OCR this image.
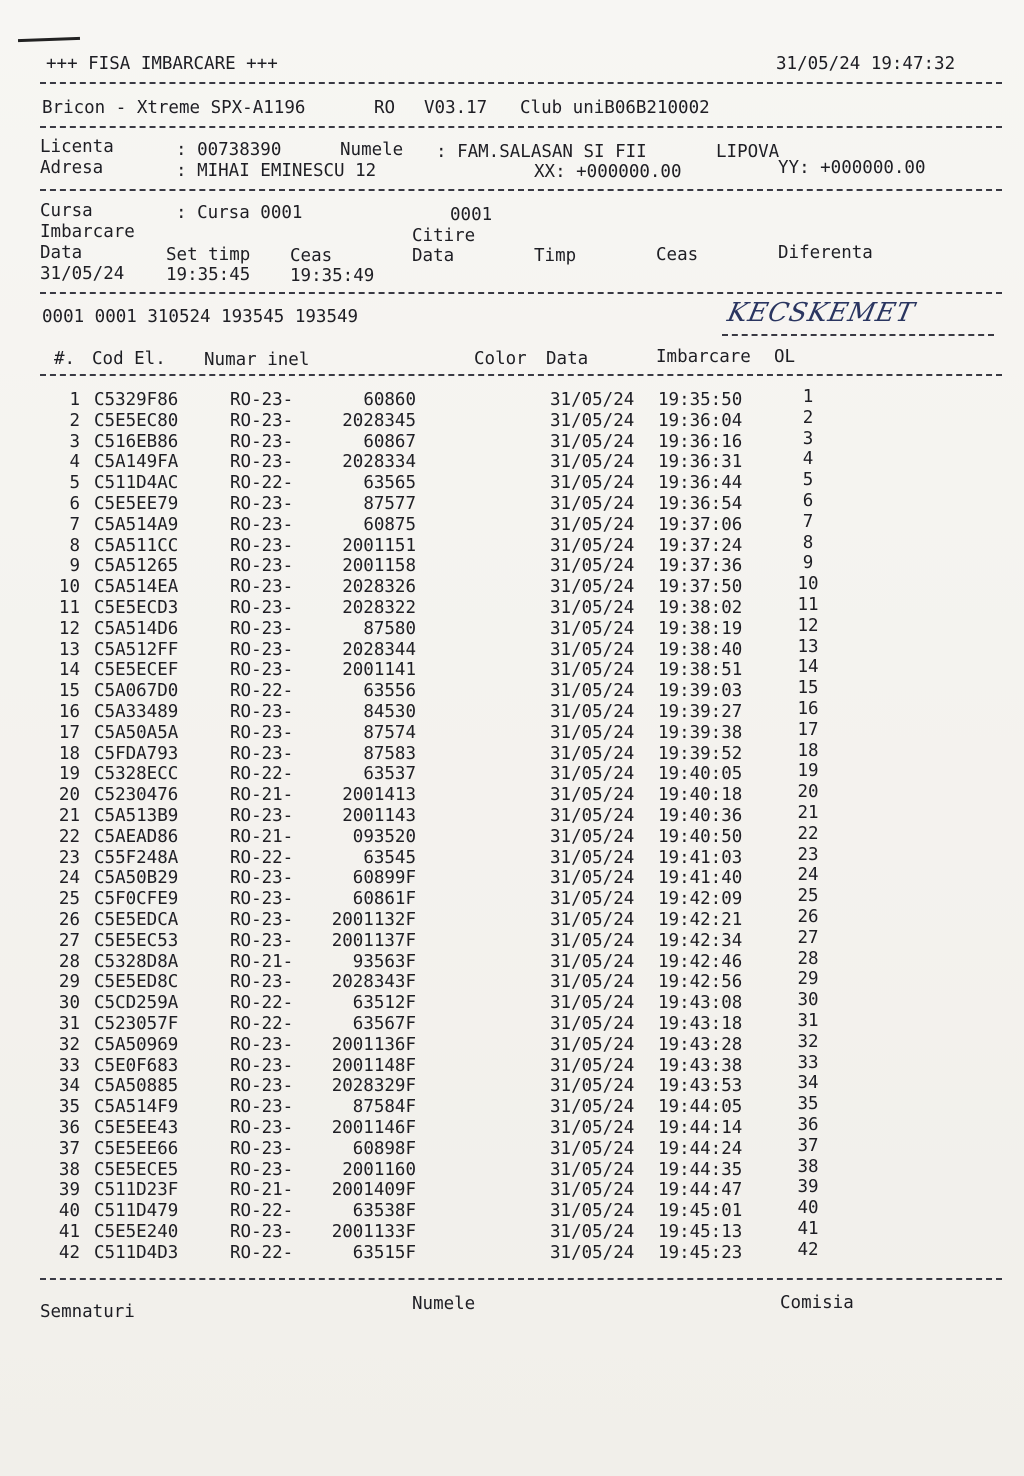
+++ FISA IMBARCARE +++	31/05/24 19:47:32
Bricon - Xtreme SPX-A1196	RO V03.17 Club uniB06B210002
Licenta	: 00738390	Numele : FAM.SALASAN SI FII	LIPOVA
Adresa	: MIHAI EMINESCU 12	XX: +000000.00	YY: +000000.00
Cursa	: Cursa 0001	0001
Imbarcare	Citire
Data	Set timp Ceas	Data	Timp	Ceas	Diferenta
31/05/24 19:35:45 19:35:49
0001 0001 310524 193545 193549	KECSKEMET
#. Cod El. Numar inel	Color Data	Imbarcare OL
1 C5329F86	RO-23-	60860	31/05/24 19:35:50	1
2 C5E5EC80	RO-23-	2028345	31/05/24 19:36:04	2
3 C516EB86	RO-23-	60867	31/05/24 19:36:16	3
4 C5A149FA	RO-23-	2028334	31/05/24 19:36:31	4
5 C511D4AC	RO-22-	63565	31/05/24 19:36:44	5
6 C5E5EE79	RO-23-	87577	31/05/24 19:36:54	6
7 C5A514A9	RO-23-	60875	31/05/24 19:37:06	7
8 C5A511CC	RO-23-	2001151	31/05/24 19:37:24	8
9 C5A51265	RO-23-	2001158	31/05/24 19:37:36	9
10 C5A514EA	RO-23-	2028326	31/05/24 19:37:50	10
11 C5E5ECD3	RO-23-	2028322	31/05/24 19:38:02	11
12 C5A514D6	RO-23-	87580	31/05/24 19:38:19	12
13 C5A512FF	RO-23-	2028344	31/05/24 19:38:40	13
14 C5E5ECEF	RO-23-	2001141	31/05/24 19:38:51	14
15 C5A067D0	RO-22-	63556	31/05/24 19:39:03	15
16 C5A33489	RO-23-	84530	31/05/24 19:39:27	16
17 C5A50A5A	RO-23-	87574	31/05/24 19:39:38	17
18 C5FDA793	RO-23-	87583	31/05/24 19:39:52	18
19 C5328ECC	RO-22-	63537	31/05/24 19:40:05	19
20 C5230476	RO-21-	2001413	31/05/24 19:40:18	20
21 C5A513B9	RO-23-	2001143	31/05/24 19:40:36	21
22 C5AEAD86	RO-21-	093520	31/05/24 19:40:50	22
23 C55F248A	RO-22-	63545	31/05/24 19:41:03	23
24 C5A50B29	RO-23-	60899F	31/05/24 19:41:40	24
25 C5F0CFE9	RO-23-	60861F	31/05/24 19:42:09	25
26 C5E5EDCA	RO-23-	2001132F	31/05/24 19:42:21	26
27 C5E5EC53	RO-23-	2001137F	31/05/24 19:42:34	27
28 C5328D8A	RO-21-	93563F	31/05/24 19:42:46	28
29 C5E5ED8C	RO-23-	2028343F	31/05/24 19:42:56	29
30 C5CD259A	RO-22-	63512F	31/05/24 19:43:08	30
31 C523057F	RO-22-	63567F	31/05/24 19:43:18	31
32 C5A50969	RO-23-	2001136F	31/05/24 19:43:28	32
33 C5E0F683	RO-23-	2001148F	31/05/24 19:43:38	33
34 C5A50885	RO-23-	2028329F	31/05/24 19:43:53	34
35 C5A514F9	RO-23-	87584F	31/05/24 19:44:05	35
36 C5E5EE43	RO-23-	2001146F	31/05/24 19:44:14	36
37 C5E5EE66	RO-23-	60898F	31/05/24 19:44:24	37
38 C5E5ECE5	RO-23-	2001160	31/05/24 19:44:35	38
39 C511D23F	RO-21-	2001409F	31/05/24 19:44:47	39
40 C511D479	RO-22-	63538F	31/05/24 19:45:01	40
41 C5E5E240	RO-23-	2001133F	31/05/24 19:45:13	41
42 C511D4D3	RO-22-	63515F	31/05/24 19:45:23	42
Semnaturi	Numele	Comisia
